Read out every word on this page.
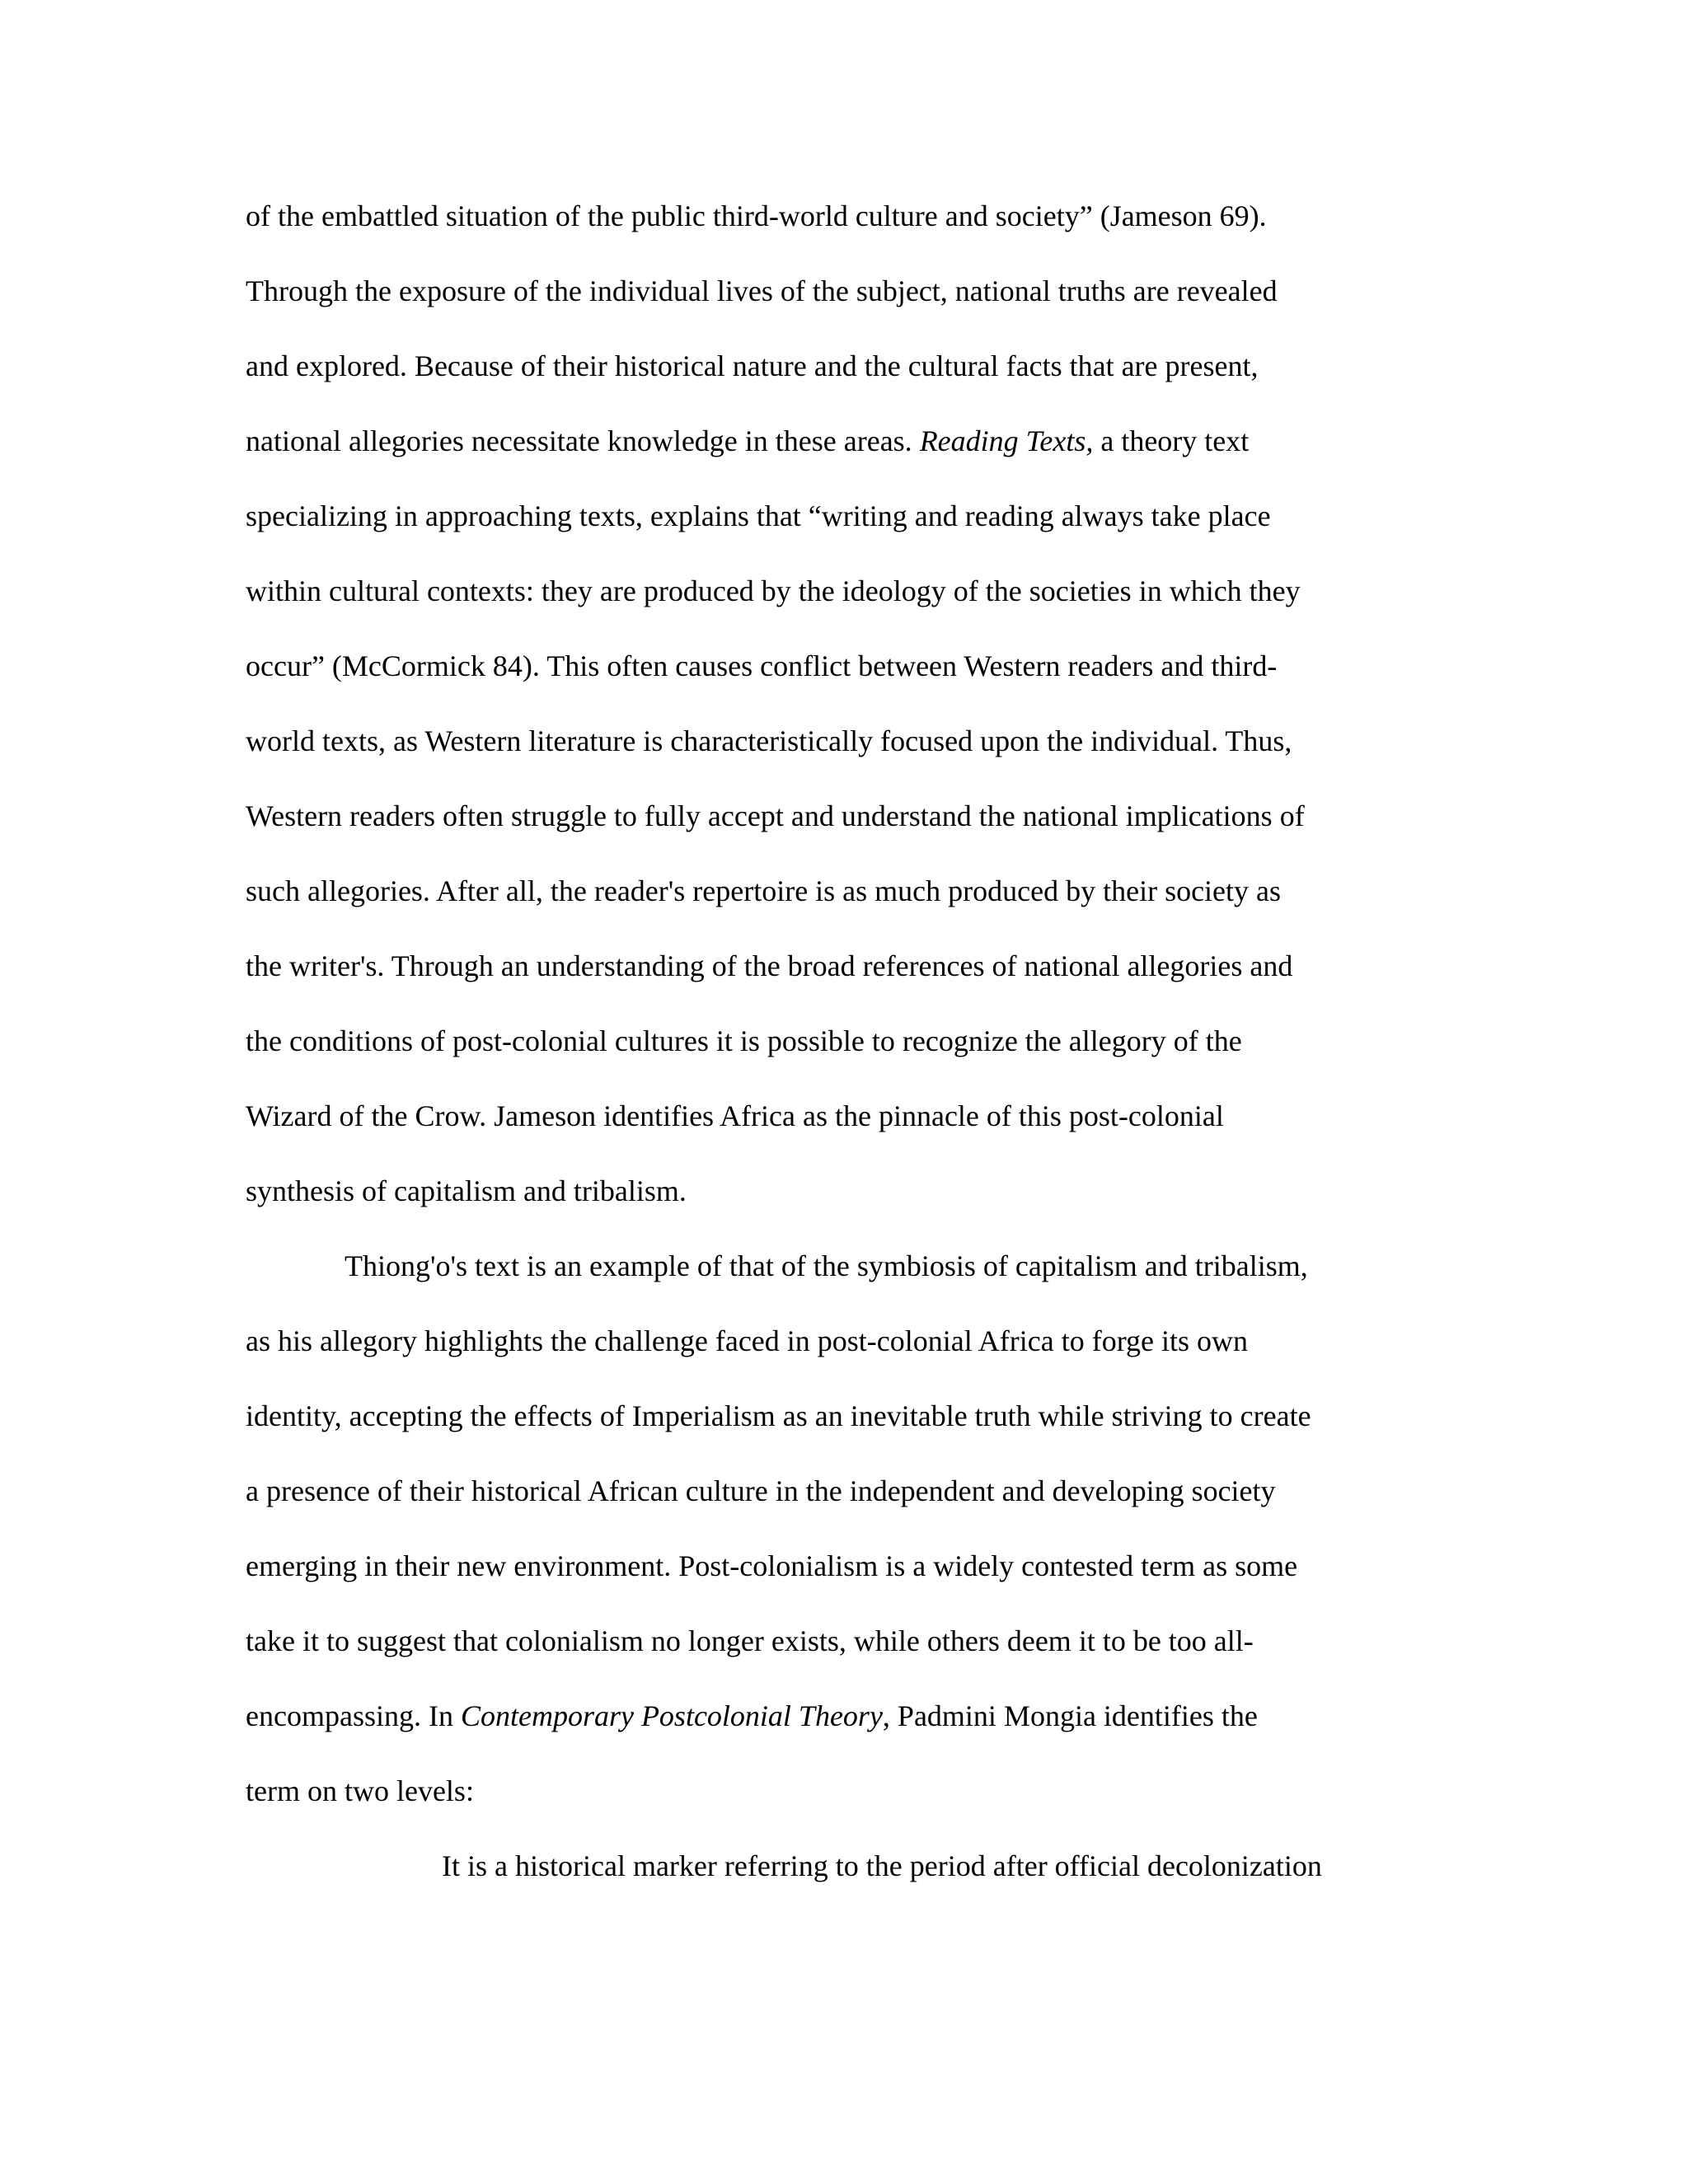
of the embattled situation of the public third-world culture and society” (Jameson 69).
Through the exposure of the individual lives of the subject, national truths are revealed
and explored. Because of their historical nature and the cultural facts that are present,
national allegories necessitate knowledge in these areas. Reading Texts, a theory text
specializing in approaching texts, explains that “writing and reading always take place
within cultural contexts: they are produced by the ideology of the societies in which they
occur” (McCormick 84). This often causes conflict between Western readers and third-
world texts, as Western literature is characteristically focused upon the individual. Thus,
Western readers often struggle to fully accept and understand the national implications of
such allegories. After all, the reader's repertoire is as much produced by their society as
the writer's. Through an understanding of the broad references of national allegories and
the conditions of post-colonial cultures it is possible to recognize the allegory of the
Wizard of the Crow. Jameson identifies Africa as the pinnacle of this post-colonial
synthesis of capitalism and tribalism.
Thiong'o's text is an example of that of the symbiosis of capitalism and tribalism,
as his allegory highlights the challenge faced in post-colonial Africa to forge its own
identity, accepting the effects of Imperialism as an inevitable truth while striving to create
a presence of their historical African culture in the independent and developing society
emerging in their new environment. Post-colonialism is a widely contested term as some
take it to suggest that colonialism no longer exists, while others deem it to be too all-
encompassing. In Contemporary Postcolonial Theory, Padmini Mongia identifies the
term on two levels:
It is a historical marker referring to the period after official decolonization
